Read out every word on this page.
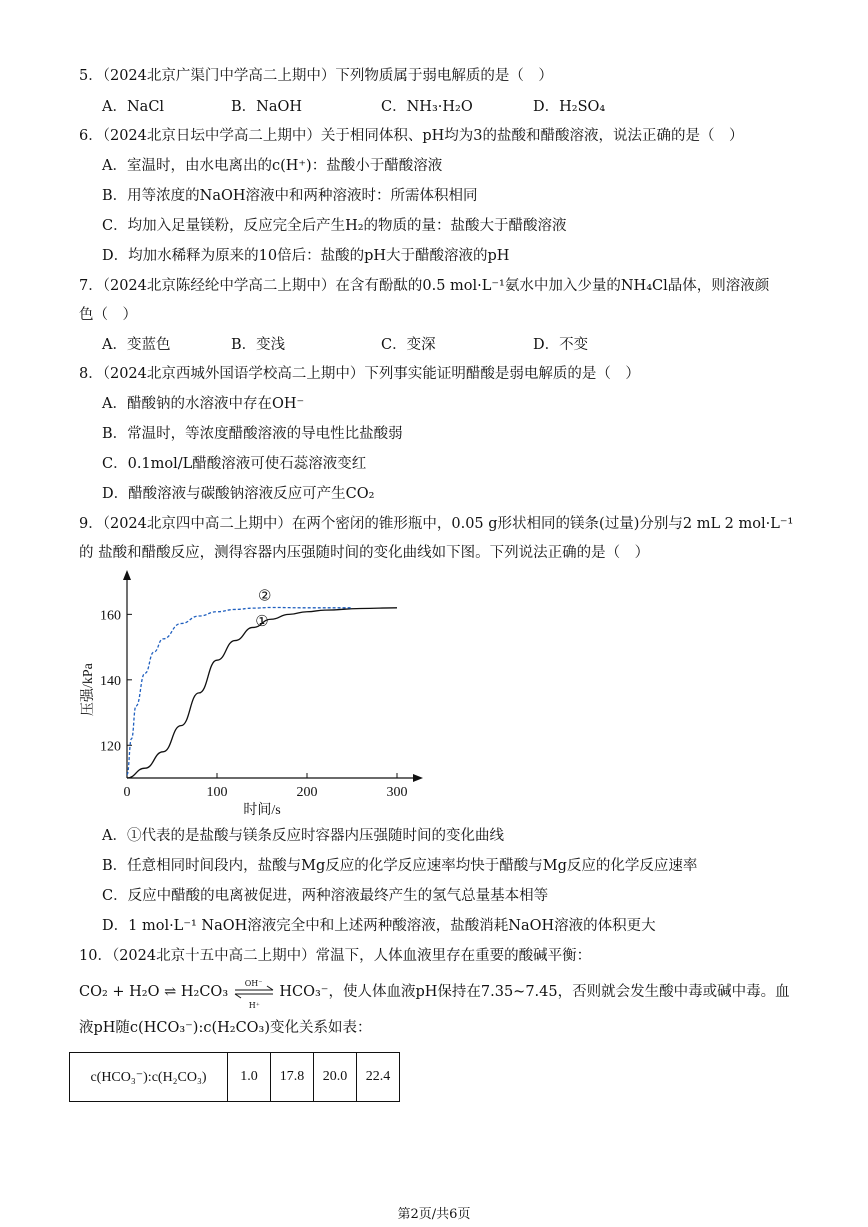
5．（2024北京广渠门中学高二上期中）下列物质属于弱电解质的是（　）
A．NaCl	B．NaOH	C．NH₃·H₂O	D．H₂SO₄
6．（2024北京日坛中学高二上期中）关于相同体积、pH均为3的盐酸和醋酸溶液，说法正确的是（　）
A．室温时，由水电离出的c(H⁺)：盐酸小于醋酸溶液
B．用等浓度的NaOH溶液中和两种溶液时：所需体积相同
C．均加入足量镁粉，反应完全后产生H₂的物质的量：盐酸大于醋酸溶液
D．均加水稀释为原来的10倍后：盐酸的pH大于醋酸溶液的pH
7．（2024北京陈经纶中学高二上期中）在含有酚酞的0.5 mol·L⁻¹氨水中加入少量的NH₄Cl晶体，则溶液颜
色（　）
A．变蓝色	B．变浅	C．变深	D．不变
8．（2024北京西城外国语学校高二上期中）下列事实能证明醋酸是弱电解质的是（　）
A．醋酸钠的水溶液中存在OH⁻
B．常温时，等浓度醋酸溶液的导电性比盐酸弱
C．0.1mol/L醋酸溶液可使石蕊溶液变红
D．醋酸溶液与碳酸钠溶液反应可产生CO₂
9．（2024北京四中高二上期中）在两个密闭的锥形瓶中，0.05 g形状相同的镁条(过量)分别与2 mL 2 mol·L⁻¹
的 盐酸和醋酸反应，测得容器内压强随时间的变化曲线如下图。下列说法正确的是（　）
0	100	200	300
120
140
160
时间/s
压强/kPa
①
②
A．①代表的是盐酸与镁条反应时容器内压强随时间的变化曲线
B．任意相同时间段内，盐酸与Mg反应的化学反应速率均快于醋酸与Mg反应的化学反应速率
C．反应中醋酸的电离被促进，两种溶液最终产生的氢气总量基本相等
D．1 mol·L⁻¹ NaOH溶液完全中和上述两种酸溶液，盐酸消耗NaOH溶液的体积更大
10．（2024北京十五中高二上期中）常温下，人体血液里存在重要的酸碱平衡：
CO₂ + H₂O ⇌ H₂CO₃
OH⁻
H⁺
HCO₃⁻，使人体血液pH保持在7.35~7.45，否则就会发生酸中毒或碱中毒。血
液pH随c(HCO₃⁻):c(H₂CO₃)变化关系如表：
c(HCO₃⁻):c(H₂CO₃)	1.0	17.8	20.0	22.4
第2页/共6页
